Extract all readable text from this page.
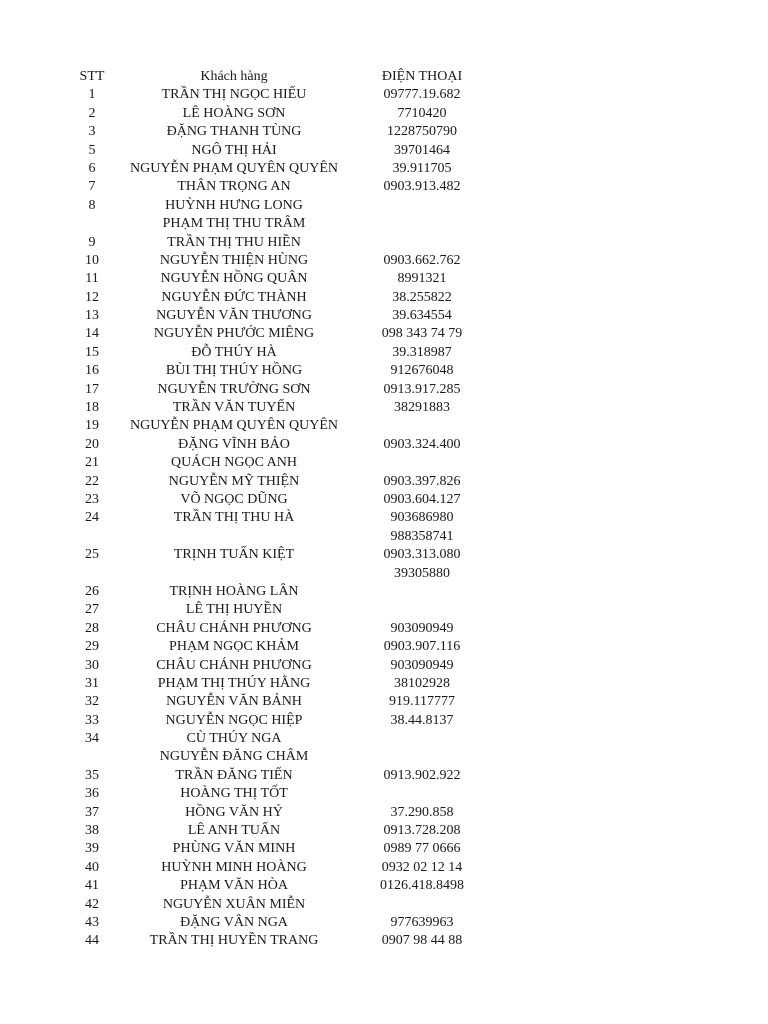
STT	Khách hàng	ĐIỆN THOẠI
1	TRẦN THỊ NGỌC HIẾU	09777.19.682
2	LÊ HOÀNG SƠN	7710420
3	ĐẶNG THANH TÙNG	1228750790
5	NGÔ THỊ HẢI	39701464
6	NGUYỄN PHẠM QUYÊN QUYÊN	39.911705
7	THÂN TRỌNG AN	0903.913.482
8	HUỲNH HƯNG LONG
PHẠM THỊ THU TRÂM
9	TRẦN THỊ THU HIỀN
10	NGUYỄN THIỆN HÙNG	0903.662.762
11	NGUYỄN HỒNG QUÂN	8991321
12	NGUYỄN ĐỨC THÀNH	38.255822
13	NGUYỄN VĂN THƯƠNG	39.634554
14	NGUYỄN PHƯỚC MIÊNG	098 343 74 79
15	ĐỖ THÚY HÀ	39.318987
16	BÙI THỊ THÚY HỒNG	912676048
17	NGUYỄN TRƯỜNG SƠN	0913.917.285
18	TRẦN VĂN TUYẾN	38291883
19	NGUYỄN PHẠM QUYÊN QUYÊN
20	ĐẶNG VĨNH BẢO	0903.324.400
21	QUÁCH NGỌC ANH
22	NGUYỄN MỸ THIỆN	0903.397.826
23	VÕ NGỌC DŨNG	0903.604.127
24	TRẦN THỊ THU HÀ	903686980
988358741
25	TRỊNH TUẤN KIỆT	0903.313.080
39305880
26	TRỊNH HOÀNG LÂN
27	LÊ THỊ HUYỀN
28	CHÂU CHÁNH PHƯƠNG	903090949
29	PHẠM NGỌC KHẢM	0903.907.116
30	CHÂU CHÁNH PHƯƠNG	903090949
31	PHẠM THỊ THÚY HẰNG	38102928
32	NGUYỄN VĂN BẢNH	919.117777
33	NGUYỄN NGỌC HIỆP	38.44.8137
34	CÙ THÚY NGA
NGUYỄN ĐĂNG CHÂM
35	TRẦN ĐĂNG TIẾN	0913.902.922
36	HOÀNG THỊ TỐT
37	HỒNG VĂN HỶ	37.290.858
38	LÊ ANH TUẤN	0913.728.208
39	PHÙNG VĂN MINH	0989 77 0666
40	HUỲNH MINH HOÀNG	0932 02 12 14
41	PHẠM VĂN HÒA	0126.418.8498
42	NGUYỄN XUÂN MIỄN
43	ĐẶNG VÂN NGA	977639963
44	TRẦN THỊ HUYỀN TRANG	0907 98 44 88
